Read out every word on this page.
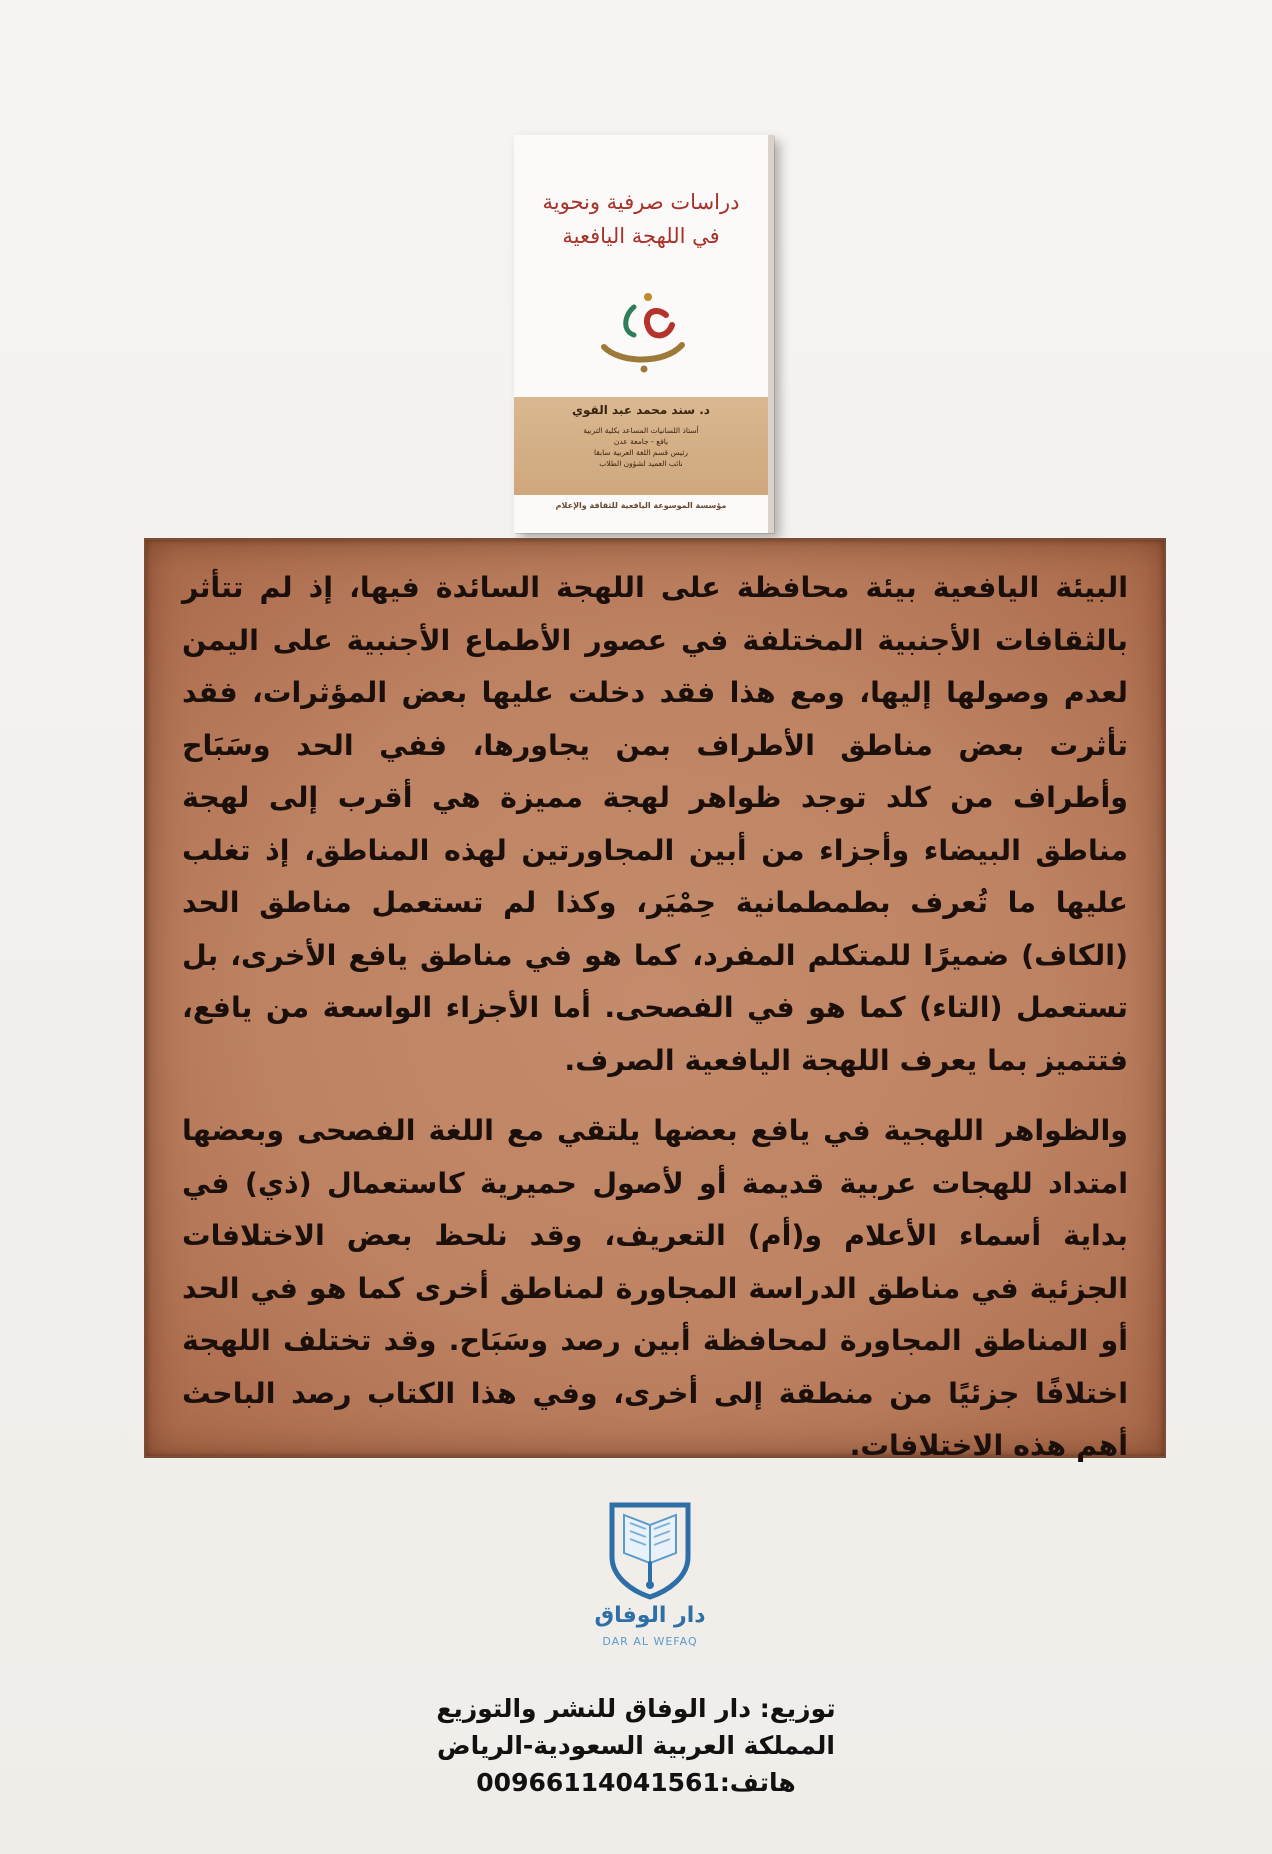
دراسات صرفية ونحوية
في اللهجة اليافعية
د. سند محمد عبد القوي
أستاذ اللسانيات المساعد بكلية التربية
يافع - جامعة عدن
رئيس قسم اللغة العربية سابقا
نائب العميد لشؤون الطلاب
مؤسسة الموسوعة اليافعية للثقافة والإعلام

البيئة اليافعية بيئة محافظة على اللهجة السائدة فيها، إذ لم تتأثر بالثقافات الأجنبية المختلفة في عصور الأطماع الأجنبية على اليمن لعدم وصولها إليها، ومع هذا فقد دخلت عليها بعض المؤثرات، فقد تأثرت بعض مناطق الأطراف بمن يجاورها، ففي الحد وسَبَاح وأطراف من كلد توجد ظواهر لهجة مميزة هي أقرب إلى لهجة مناطق البيضاء وأجزاء من أبين المجاورتين لهذه المناطق، إذ تغلب عليها ما تُعرف بطمطمانية حِمْيَر، وكذا لم تستعمل مناطق الحد (الكاف) ضميرًا للمتكلم المفرد، كما هو في مناطق يافع الأخرى، بل تستعمل (التاء) كما هو في الفصحى. أما الأجزاء الواسعة من يافع، فتتميز بما يعرف اللهجة اليافعية الصرف.

والظواهر اللهجية في يافع بعضها يلتقي مع اللغة الفصحى وبعضها امتداد للهجات عربية قديمة أو لأصول حميرية كاستعمال (ذي) في بداية أسماء الأعلام و(أم) التعريف، وقد نلحظ بعض الاختلافات الجزئية في مناطق الدراسة المجاورة لمناطق أخرى كما هو في الحد أو المناطق المجاورة لمحافظة أبين رصد وسَبَاح. وقد تختلف اللهجة اختلافًا جزئيًا من منطقة إلى أخرى، وفي هذا الكتاب رصد الباحث أهم هذه الاختلافات.

دار الوفاق
DAR AL WEFAQ
توزيع: دار الوفاق للنشر والتوزيع
المملكة العربية السعودية-الرياض
هاتف:00966114041561
